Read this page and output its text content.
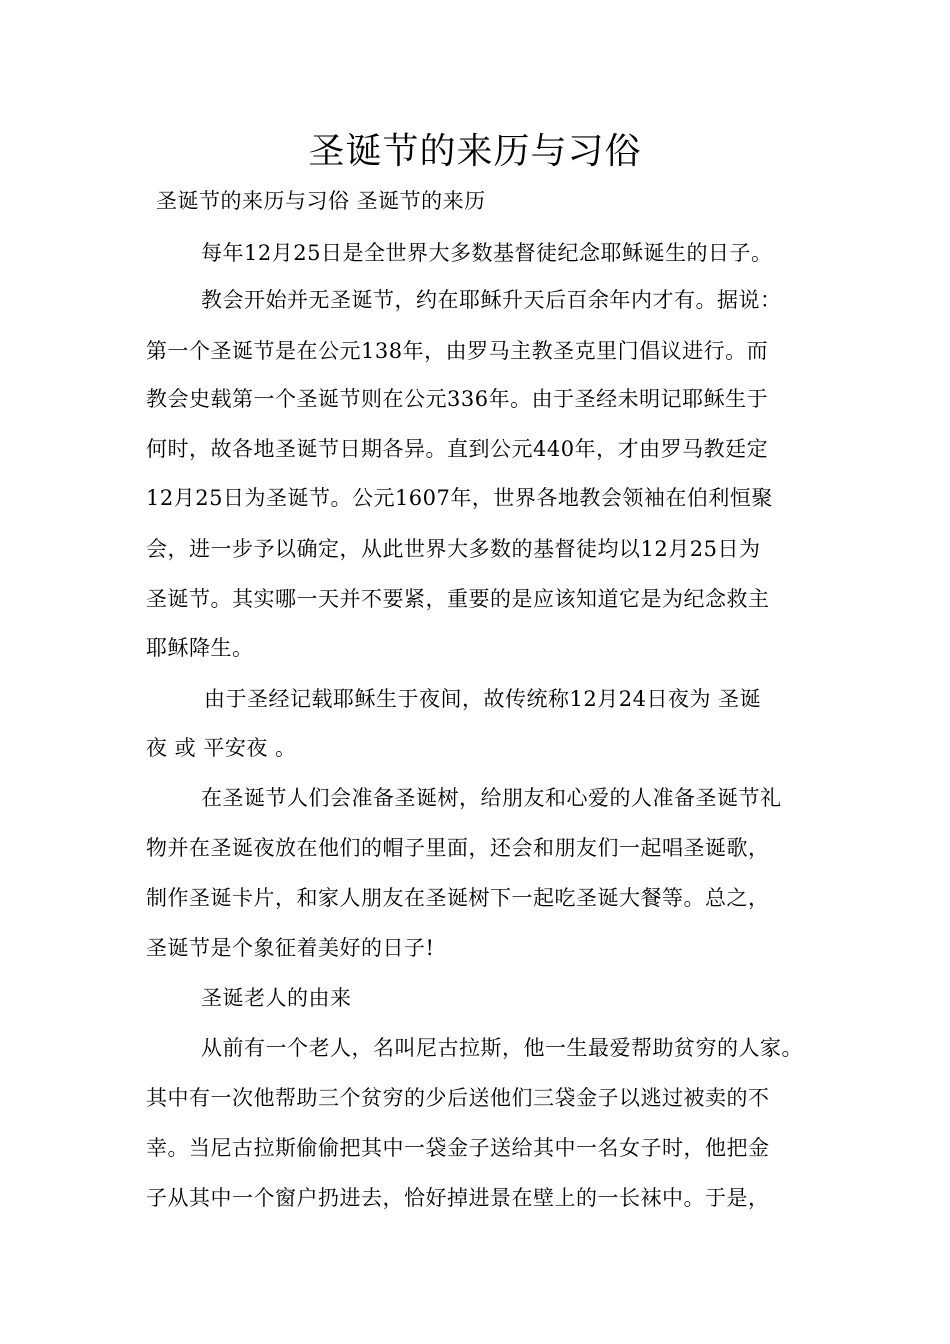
圣诞节的来历与习俗
圣诞节的来历与习俗 圣诞节的来历
每年12月25日是全世界大多数基督徒纪念耶稣诞生的日子。
教会开始并无圣诞节，约在耶稣升天后百余年内才有。据说：
第一个圣诞节是在公元138年，由罗马主教圣克里门倡议进行。而
教会史载第一个圣诞节则在公元336年。由于圣经未明记耶稣生于
何时，故各地圣诞节日期各异。直到公元440年，才由罗马教廷定
12月25日为圣诞节。公元1607年，世界各地教会领袖在伯利恒聚
会，进一步予以确定，从此世界大多数的基督徒均以12月25日为
圣诞节。其实哪一天并不要紧，重要的是应该知道它是为纪念救主
耶稣降生。
由于圣经记载耶稣生于夜间，故传统称12月24日夜为 圣诞
夜 或 平安夜 。
在圣诞节人们会准备圣诞树，给朋友和心爱的人准备圣诞节礼
物并在圣诞夜放在他们的帽子里面，还会和朋友们一起唱圣诞歌，
制作圣诞卡片，和家人朋友在圣诞树下一起吃圣诞大餐等。总之，
圣诞节是个象征着美好的日子!
圣诞老人的由来
从前有一个老人，名叫尼古拉斯，他一生最爱帮助贫穷的人家。
其中有一次他帮助三个贫穷的少后送他们三袋金子以逃过被卖的不
幸。当尼古拉斯偷偷把其中一袋金子送给其中一名女子时，他把金
子从其中一个窗户扔进去，恰好掉进景在壁上的一长袜中。于是，
